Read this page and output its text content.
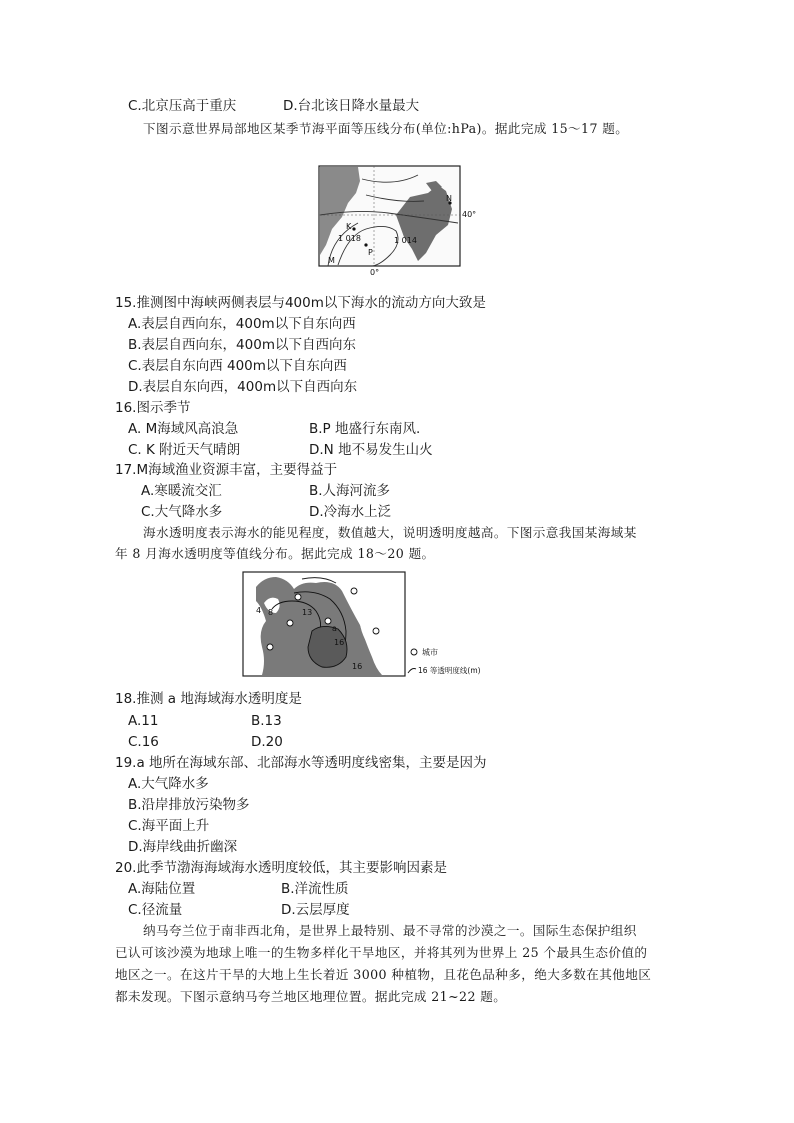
C.北京压高于重庆	D.台北该日降水量最大
下图示意世界局部地区某季节海平面等压线分布(单位:hPa)。据此完成 15～17 题。
40°
0°
1 018	1 014
K
M
P
N
15.推测图中海峡两侧表层与400m以下海水的流动方向大致是
A.表层自西向东，400m以下自东向西
B.表层自西向东，400m以下自西向东
C.表层自东向西 400m以下自东向西
D.表层自东向西，400m以下自西向东
16.图示季节
A. M海域风高浪急	B.P 地盛行东南风.
C. K 附近天气晴朗	D.N 地不易发生山火
17.M海域渔业资源丰富，主要得益于
A.寒暖流交汇	B.人海河流多
C.大气降水多	D.冷海水上泛
海水透明度表示海水的能见程度，数值越大，说明透明度越高。下图示意我国某海域某
年 8 月海水透明度等值线分布。据此完成 18～20 题。
4 8	13
a
16
16
城市
16 等透明度线(m)
18.推测 a 地海域海水透明度是
A.11	B.13
C.16	D.20
19.a 地所在海域东部、北部海水等透明度线密集，主要是因为
A.大气降水多
B.沿岸排放污染物多
C.海平面上升
D.海岸线曲折幽深
20.此季节渤海海域海水透明度较低，其主要影响因素是
A.海陆位置	B.洋流性质
C.径流量	D.云层厚度
纳马夸兰位于南非西北角，是世界上最特别、最不寻常的沙漠之一。国际生态保护组织
已认可该沙漠为地球上唯一的生物多样化干旱地区，并将其列为世界上 25 个最具生态价值的
地区之一。在这片干旱的大地上生长着近 3000 种植物，且花色品种多，绝大多数在其他地区
都未发现。下图示意纳马夸兰地区地理位置。据此完成 21~22 题。
